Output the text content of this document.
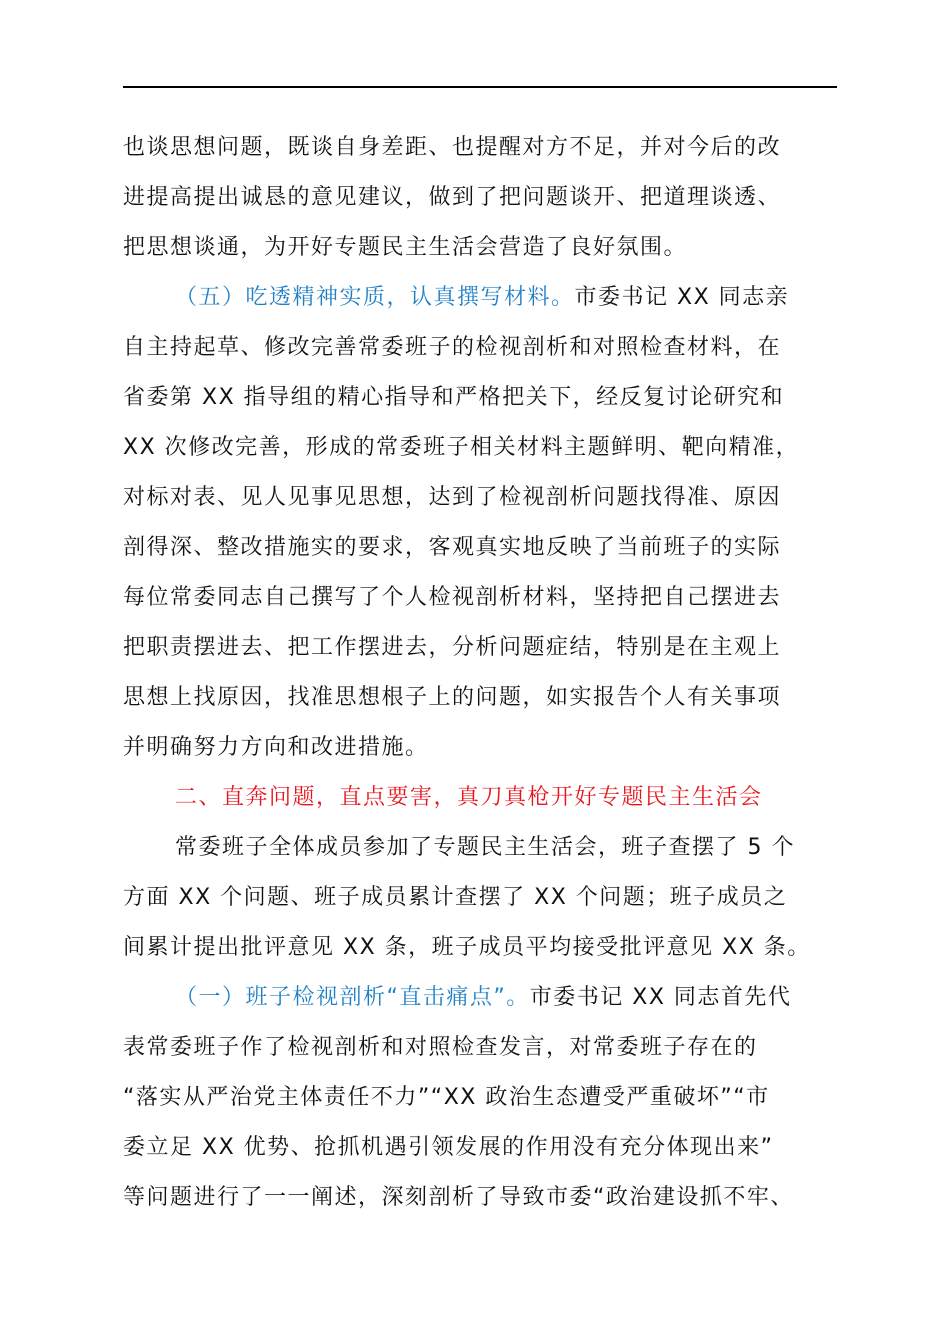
也谈思想问题，既谈自身差距、也提醒对方不足，并对今后的改
进提高提出诚恳的意见建议，做到了把问题谈开、把道理谈透、
把思想谈通，为开好专题民主生活会营造了良好氛围。
（五）吃透精神实质，认真撰写材料。市委书记 XX 同志亲
自主持起草、修改完善常委班子的检视剖析和对照检查材料，在
省委第 XX 指导组的精心指导和严格把关下，经反复讨论研究和
XX 次修改完善，形成的常委班子相关材料主题鲜明、靶向精准，
对标对表、见人见事见思想，达到了检视剖析问题找得准、原因
剖得深、整改措施实的要求，客观真实地反映了当前班子的实际
每位常委同志自己撰写了个人检视剖析材料，坚持把自己摆进去
把职责摆进去、把工作摆进去，分析问题症结，特别是在主观上
思想上找原因，找准思想根子上的问题，如实报告个人有关事项
并明确努力方向和改进措施。
二、直奔问题，直点要害，真刀真枪开好专题民主生活会
常委班子全体成员参加了专题民主生活会，班子查摆了 5 个
方面 XX 个问题、班子成员累计查摆了 XX 个问题；班子成员之
间累计提出批评意见 XX 条，班子成员平均接受批评意见 XX 条。
（一）班子检视剖析“直击痛点”。市委书记 XX 同志首先代
表常委班子作了检视剖析和对照检查发言，对常委班子存在的
“落实从严治党主体责任不力”“XX 政治生态遭受严重破坏”“市
委立足 XX 优势、抢抓机遇引领发展的作用没有充分体现出来”
等问题进行了一一阐述，深刻剖析了导致市委“政治建设抓不牢、
